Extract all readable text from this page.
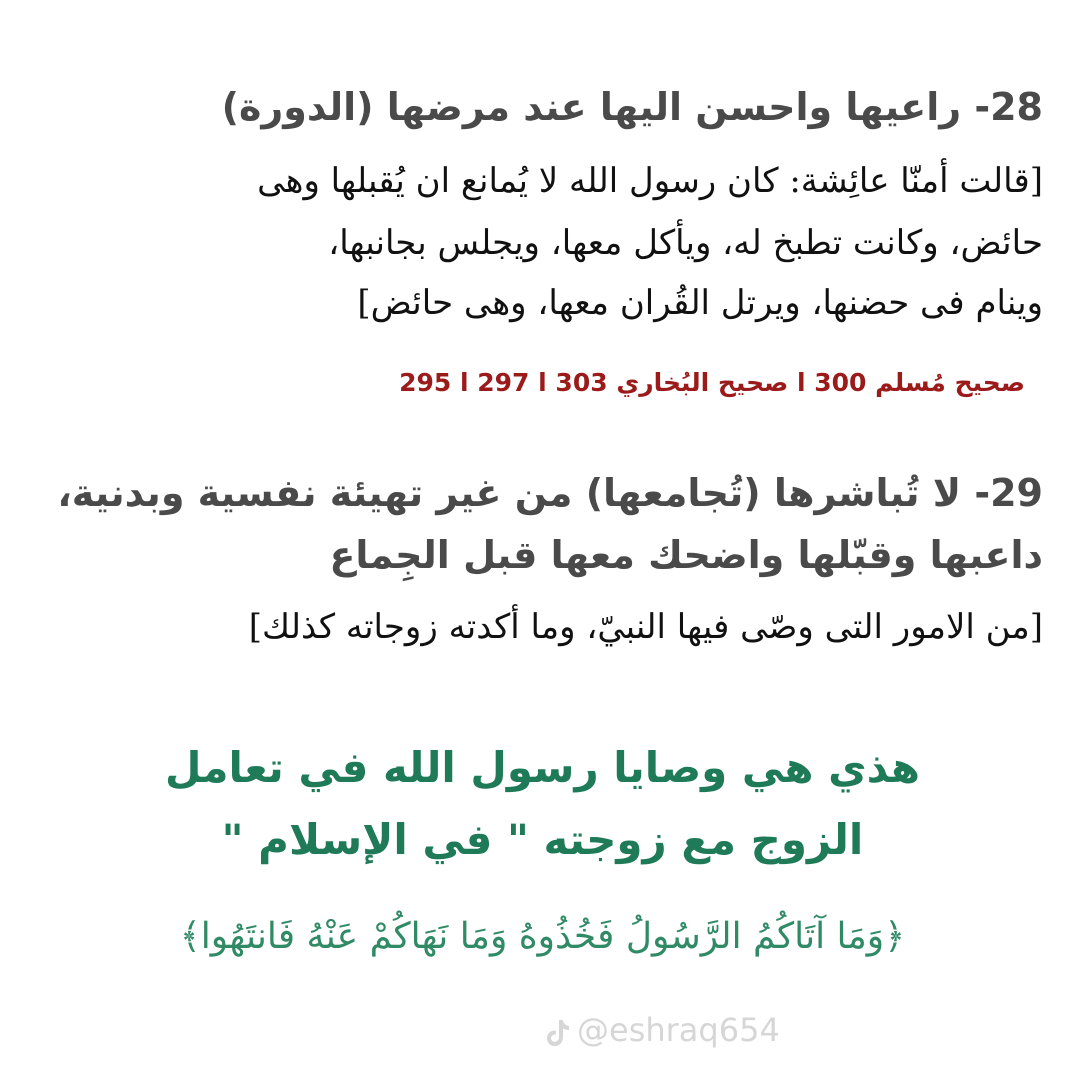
28- راعيها واحسن اليها عند مرضها (الدورة)
[قالت أمنّا عائِشة: كان رسول الله لا يُمانع ان يُقبلها وهى
حائض، وكانت تطبخ له، ويأكل معها، ويجلس بجانبها،
وينام فى حضنها، ويرتل القُران معها، وهى حائض]
صحيح مُسلم 300 ا صحيح البُخاري 303 ا 297 ا 295
29- لا تُباشرها (تُجامعها) من غير تهيئة نفسية وبدنية،
داعبها وقبّلها واضحك معها قبل الجِماع
[من الامور التى وصّى فيها النبيّ، وما أكدته زوجاته كذلك]
هذي هي وصايا رسول الله في تعامل
الزوج مع زوجته " في الإسلام "
﴿وَمَا آتَاكُمُ الرَّسُولُ فَخُذُوهُ وَمَا نَهَاكُمْ عَنْهُ فَانتَهُوا﴾
@eshraq654
